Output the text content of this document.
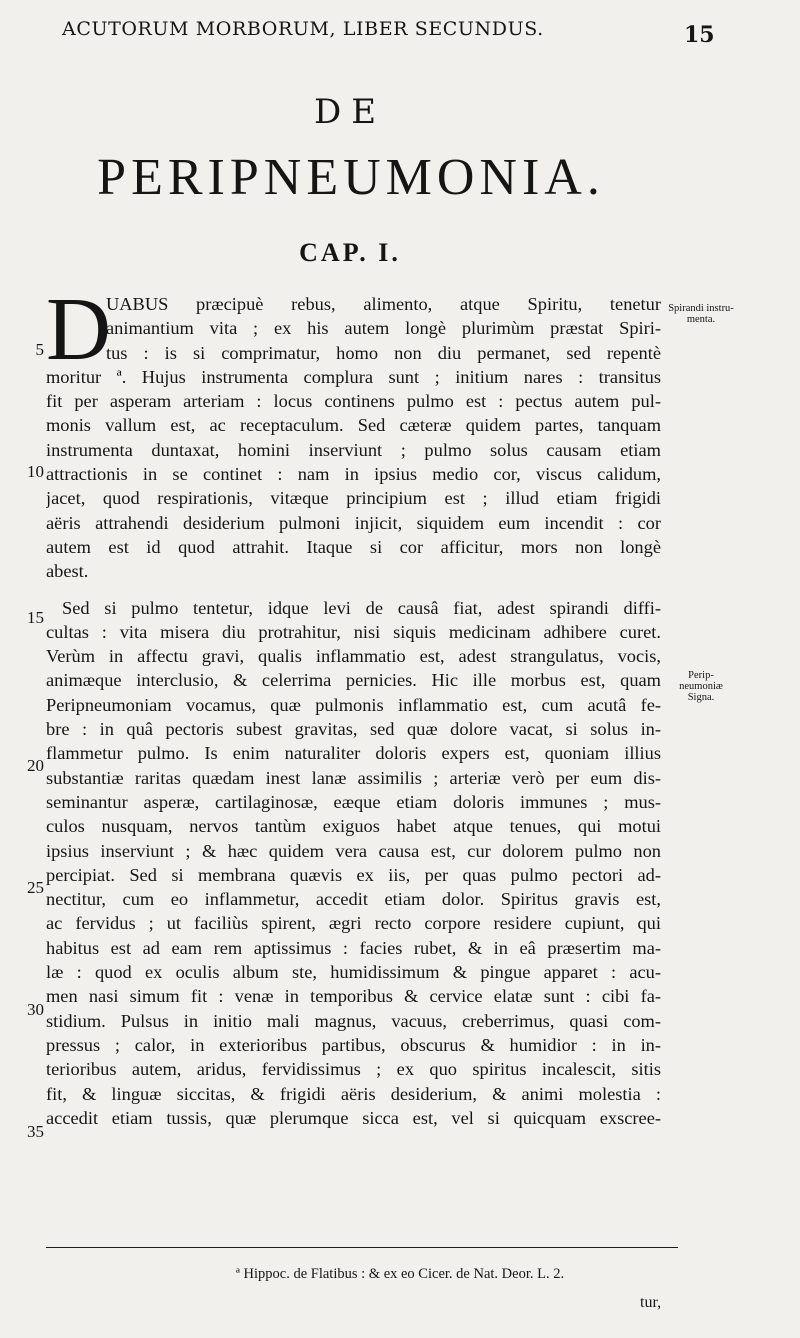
ACUTORUM MORBORUM, LIBER SECUNDUS.	15
DE
PERIPNEUMONIA.
CAP. I.
D
UABUS præcipuè rebus, alimento, atque Spiritu, tenetur
animantium vita ; ex his autem longè plurimùm præstat Spiri-
tus : is si comprimatur, homo non diu permanet, sed repentè
moritur ª. Hujus instrumenta complura sunt ; initium nares : transitus
fit per asperam arteriam : locus continens pulmo est : pectus autem pul-
monis vallum est, ac receptaculum. Sed cæteræ quidem partes, tanquam
instrumenta duntaxat, homini inserviunt ; pulmo solus causam etiam
attractionis in se continet : nam in ipsius medio cor, viscus calidum,
jacet, quod respirationis, vitæque principium est ; illud etiam frigidi
aëris attrahendi desiderium pulmoni injicit, siquidem eum incendit : cor
autem est id quod attrahit. Itaque si cor afficitur, mors non longè
abest.
Sed si pulmo tentetur, idque levi de causâ fiat, adest spirandi diffi-
cultas : vita misera diu protrahitur, nisi siquis medicinam adhibere curet.
Verùm in affectu gravi, qualis inflammatio est, adest strangulatus, vocis,
animæque interclusio, & celerrima pernicies. Hic ille morbus est, quam
Peripneumoniam vocamus, quæ pulmonis inflammatio est, cum acutâ fe-
bre : in quâ pectoris subest gravitas, sed quæ dolore vacat, si solus in-
flammetur pulmo. Is enim naturaliter doloris expers est, quoniam illius
substantiæ raritas quædam inest lanæ assimilis ; arteriæ verò per eum dis-
seminantur asperæ, cartilaginosæ, eæque etiam doloris immunes ; mus-
culos nusquam, nervos tantùm exiguos habet atque tenues, qui motui
ipsius inserviunt ; & hæc quidem vera causa est, cur dolorem pulmo non
percipiat. Sed si membrana quævis ex iis, per quas pulmo pectori ad-
nectitur, cum eo inflammetur, accedit etiam dolor. Spiritus gravis est,
ac fervidus ; ut faciliùs spirent, ægri recto corpore residere cupiunt, qui
habitus est ad eam rem aptissimus : facies rubet, & in eâ præsertim ma-
læ : quod ex oculis album ste, humidissimum & pingue apparet : acu-
men nasi simum fit : venæ in temporibus & cervice elatæ sunt : cibi fa-
stidium. Pulsus in initio mali magnus, vacuus, creberrimus, quasi com-
pressus ; calor, in exterioribus partibus, obscurus & humidior : in in-
terioribus autem, aridus, fervidissimus ; ex quo spiritus incalescit, sitis
fit, & linguæ siccitas, & frigidi aëris desiderium, & animi molestia :
accedit etiam tussis, quæ plerumque sicca est, vel si quicquam exscree-
5
10
15
20
25
30
35
Spirandi instru-menta.
Perip-neumoniæ Signa.
ª Hippoc. de Flatibus : & ex eo Cicer. de Nat. Deor. L. 2.
tur,
